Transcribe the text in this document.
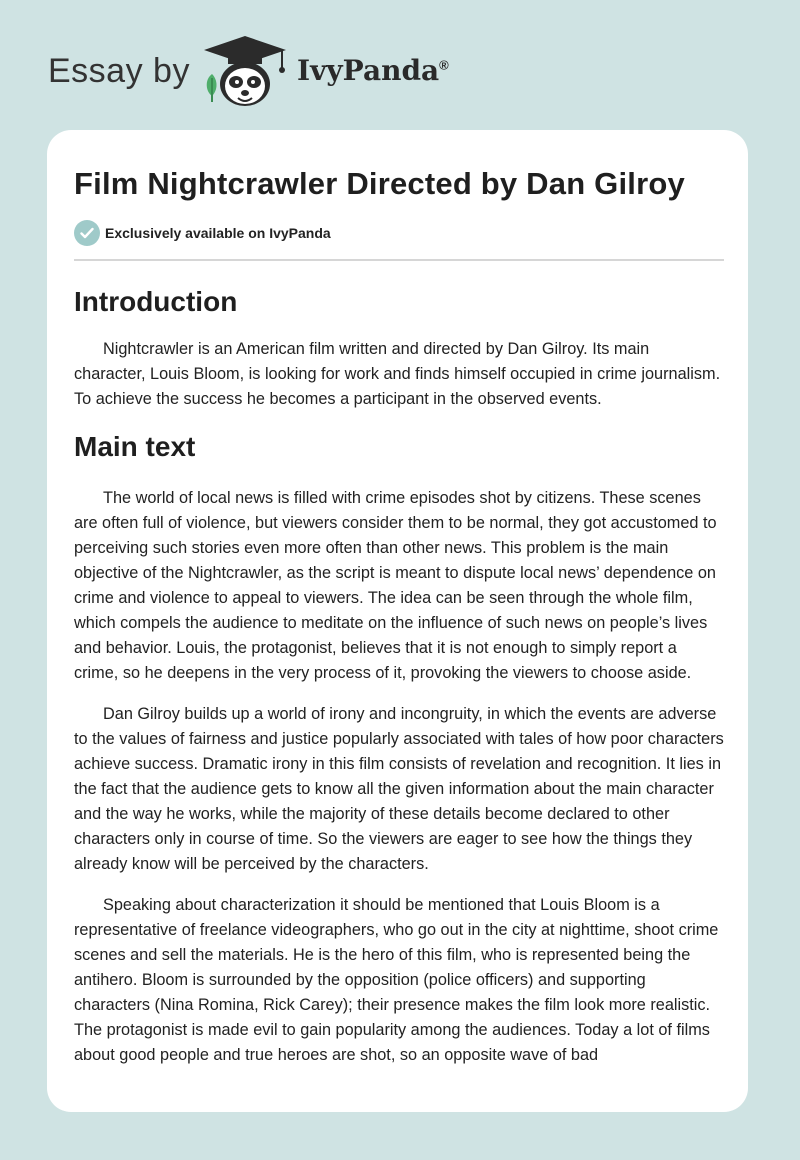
Essay by	IvyPanda®
Film Nightcrawler Directed by Dan Gilroy
Exclusively available on IvyPanda
Introduction

Nightcrawler is an American film written and directed by Dan Gilroy. Its main character, Louis Bloom, is looking for work and finds himself occupied in crime journalism. To achieve the success he becomes a participant in the observed events.

Main text

The world of local news is filled with crime episodes shot by citizens. These scenes are often full of violence, but viewers consider them to be normal, they got accustomed to perceiving such stories even more often than other news. This problem is the main objective of the Nightcrawler, as the script is meant to dispute local news’ dependence on crime and violence to appeal to viewers. The idea can be seen through the whole film, which compels the audience to meditate on the influence of such news on people’s lives and behavior. Louis, the protagonist, believes that it is not enough to simply report a crime, so he deepens in the very process of it, provoking the viewers to choose aside.

Dan Gilroy builds up a world of irony and incongruity, in which the events are adverse to the values of fairness and justice popularly associated with tales of how poor characters achieve success. Dramatic irony in this film consists of revelation and recognition. It lies in the fact that the audience gets to know all the given information about the main character and the way he works, while the majority of these details become declared to other characters only in course of time. So the viewers are eager to see how the things they already know will be perceived by the characters.

Speaking about characterization it should be mentioned that Louis Bloom is a representative of freelance videographers, who go out in the city at nighttime, shoot crime scenes and sell the materials. He is the hero of this film, who is represented being the antihero. Bloom is surrounded by the opposition (police officers) and supporting characters (Nina Romina, Rick Carey); their presence makes the film look more realistic. The protagonist is made evil to gain popularity among the audiences. Today a lot of films about good people and true heroes are shot, so an opposite wave of bad
